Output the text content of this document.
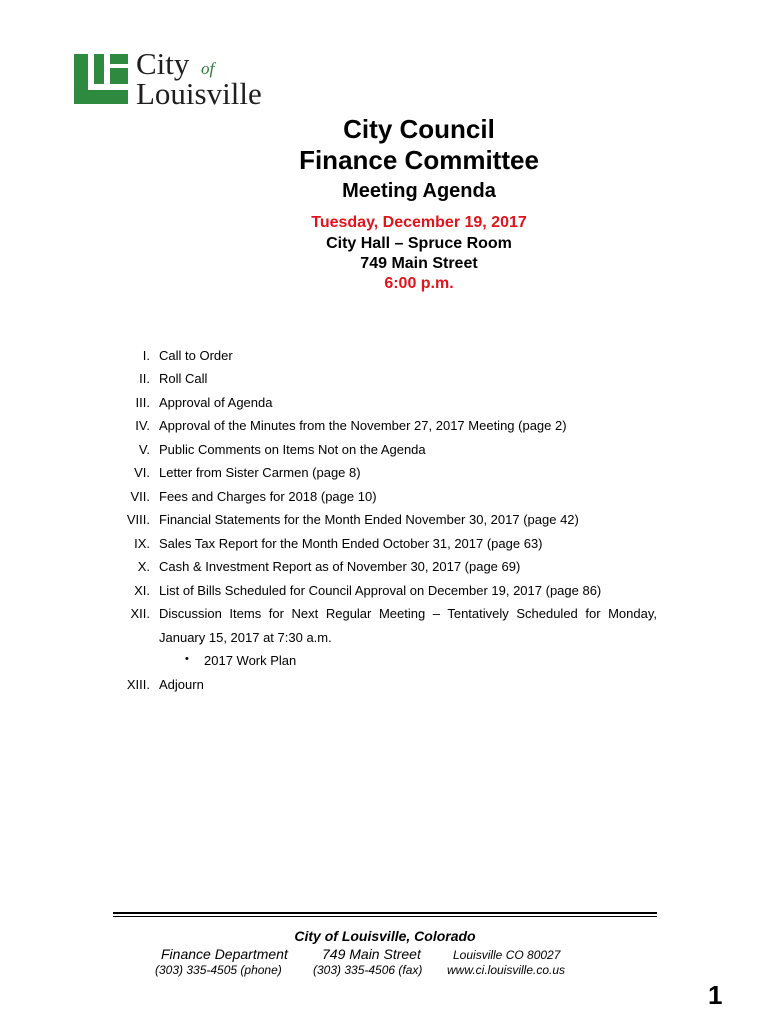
City of
Louisville
City Council
Finance Committee
Meeting Agenda
Tuesday, December 19, 2017
City Hall – Spruce Room
749 Main Street
6:00 p.m.
I. Call to Order
II. Roll Call
III. Approval of Agenda
IV. Approval of the Minutes from the November 27, 2017 Meeting (page 2)
V. Public Comments on Items Not on the Agenda
VI. Letter from Sister Carmen (page 8)
VII. Fees and Charges for 2018 (page 10)
VIII. Financial Statements for the Month Ended November 30, 2017 (page 42)
IX. Sales Tax Report for the Month Ended October 31, 2017 (page 63)
X. Cash & Investment Report as of November 30, 2017 (page 69)
XI. List of Bills Scheduled for Council Approval on December 19, 2017 (page 86)
XII. Discussion Items for Next Regular Meeting – Tentatively Scheduled for Monday,
January 15, 2017 at 7:30 a.m.
• 2017 Work Plan
XIII. Adjourn
City of Louisville, Colorado
Finance Department 749 Main Street	Louisville CO 80027
(303) 335-4505 (phone)	(303) 335-4506 (fax) www.ci.louisville.co.us
1
